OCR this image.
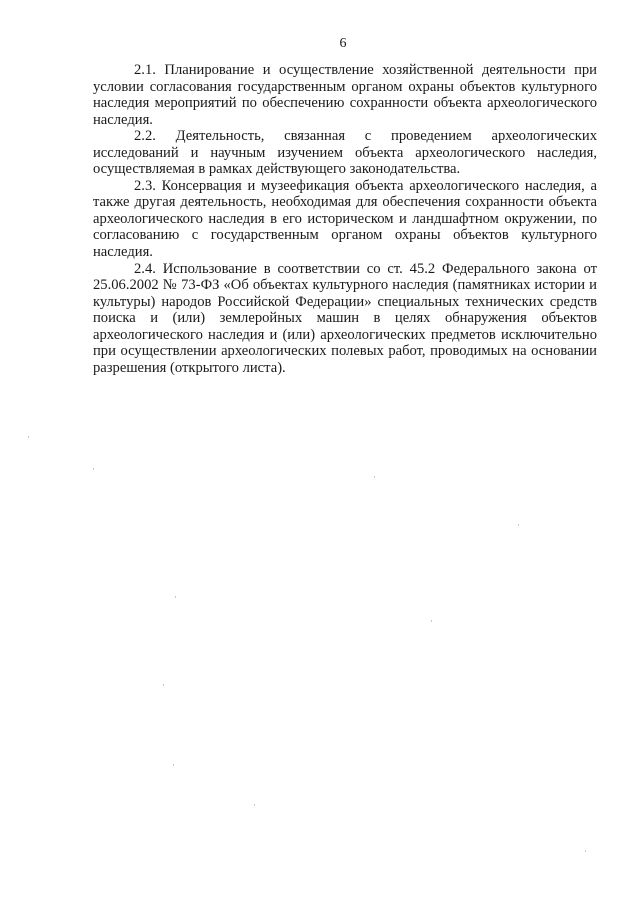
6

2.1. Планирование и осуществление хозяйственной деятельности при условии согласования государственным органом охраны объектов культурного наследия мероприятий по обеспечению сохранности объекта археологического наследия.

2.2. Деятельность, связанная с проведением археологических исследований и научным изучением объекта археологического наследия, осуществляемая в рамках действующего законодательства.

2.3. Консервация и музеефикация объекта археологического наследия, а также другая деятельность, необходимая для обеспечения сохранности объекта археологического наследия в его историческом и ландшафтном окружении, по согласованию с государственным органом охраны объектов культурного наследия.

2.4. Использование в соответствии со ст. 45.2 Федерального закона от 25.06.2002 № 73-ФЗ «Об объектах культурного наследия (памятниках истории и культуры) народов Российской Федерации» специальных технических средств поиска и (или) землеройных машин в целях обнаружения объектов археологического наследия и (или) археологических предметов исключительно при осуществлении археологических полевых работ, проводимых на основании разрешения (открытого листа).
